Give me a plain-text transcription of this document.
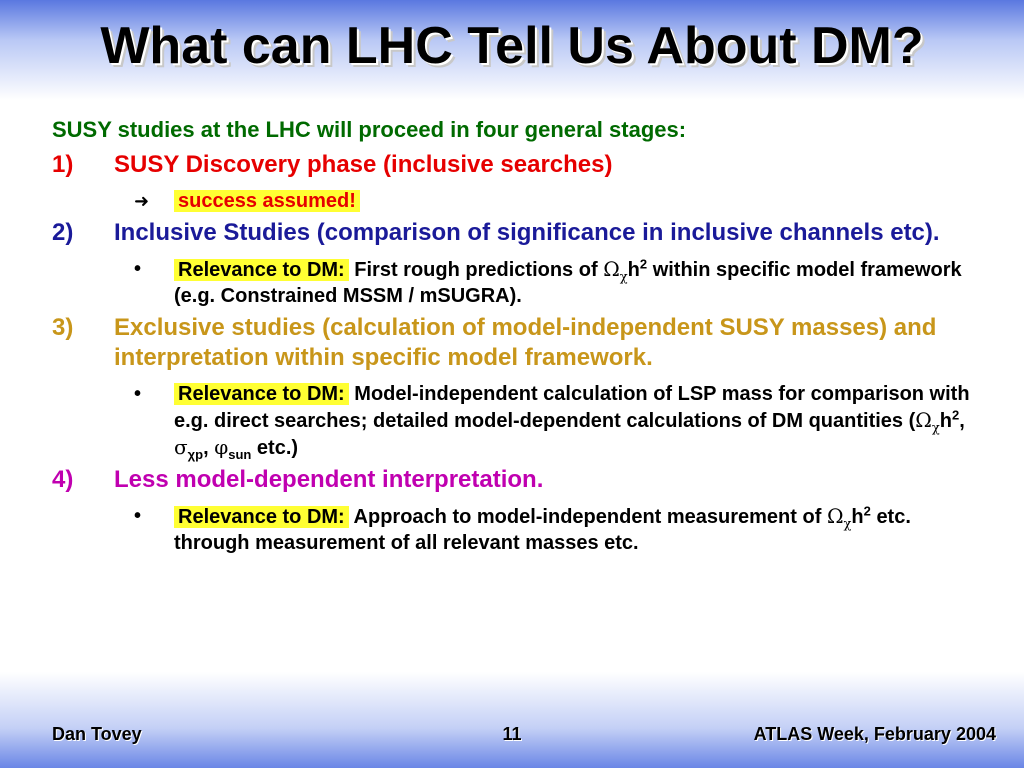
What can LHC Tell Us About DM?
SUSY studies at the LHC will proceed in four general stages:
1)	SUSY Discovery phase (inclusive searches)
➜	success assumed!
2)	Inclusive Studies (comparison of significance in inclusive channels etc).
•	Relevance to DM: First rough predictions of $\Omega_\chi h^2$ within specific model framework (e.g. Constrained MSSM / mSUGRA).
3)	Exclusive studies (calculation of model-independent SUSY masses) and interpretation within specific model framework.
•	Relevance to DM: Model-independent calculation of LSP mass for comparison with e.g. direct searches; detailed model-dependent calculations of DM quantities ($\Omega_\chi h^2$, $\sigma_{\chi p}$, $\varphi_{sun}$ etc.)
4)	Less model-dependent interpretation.
•	Relevance to DM: Approach to model-independent measurement of $\Omega_\chi h^2$ etc. through measurement of all relevant masses etc.
Dan Tovey	11	ATLAS Week, February 2004
